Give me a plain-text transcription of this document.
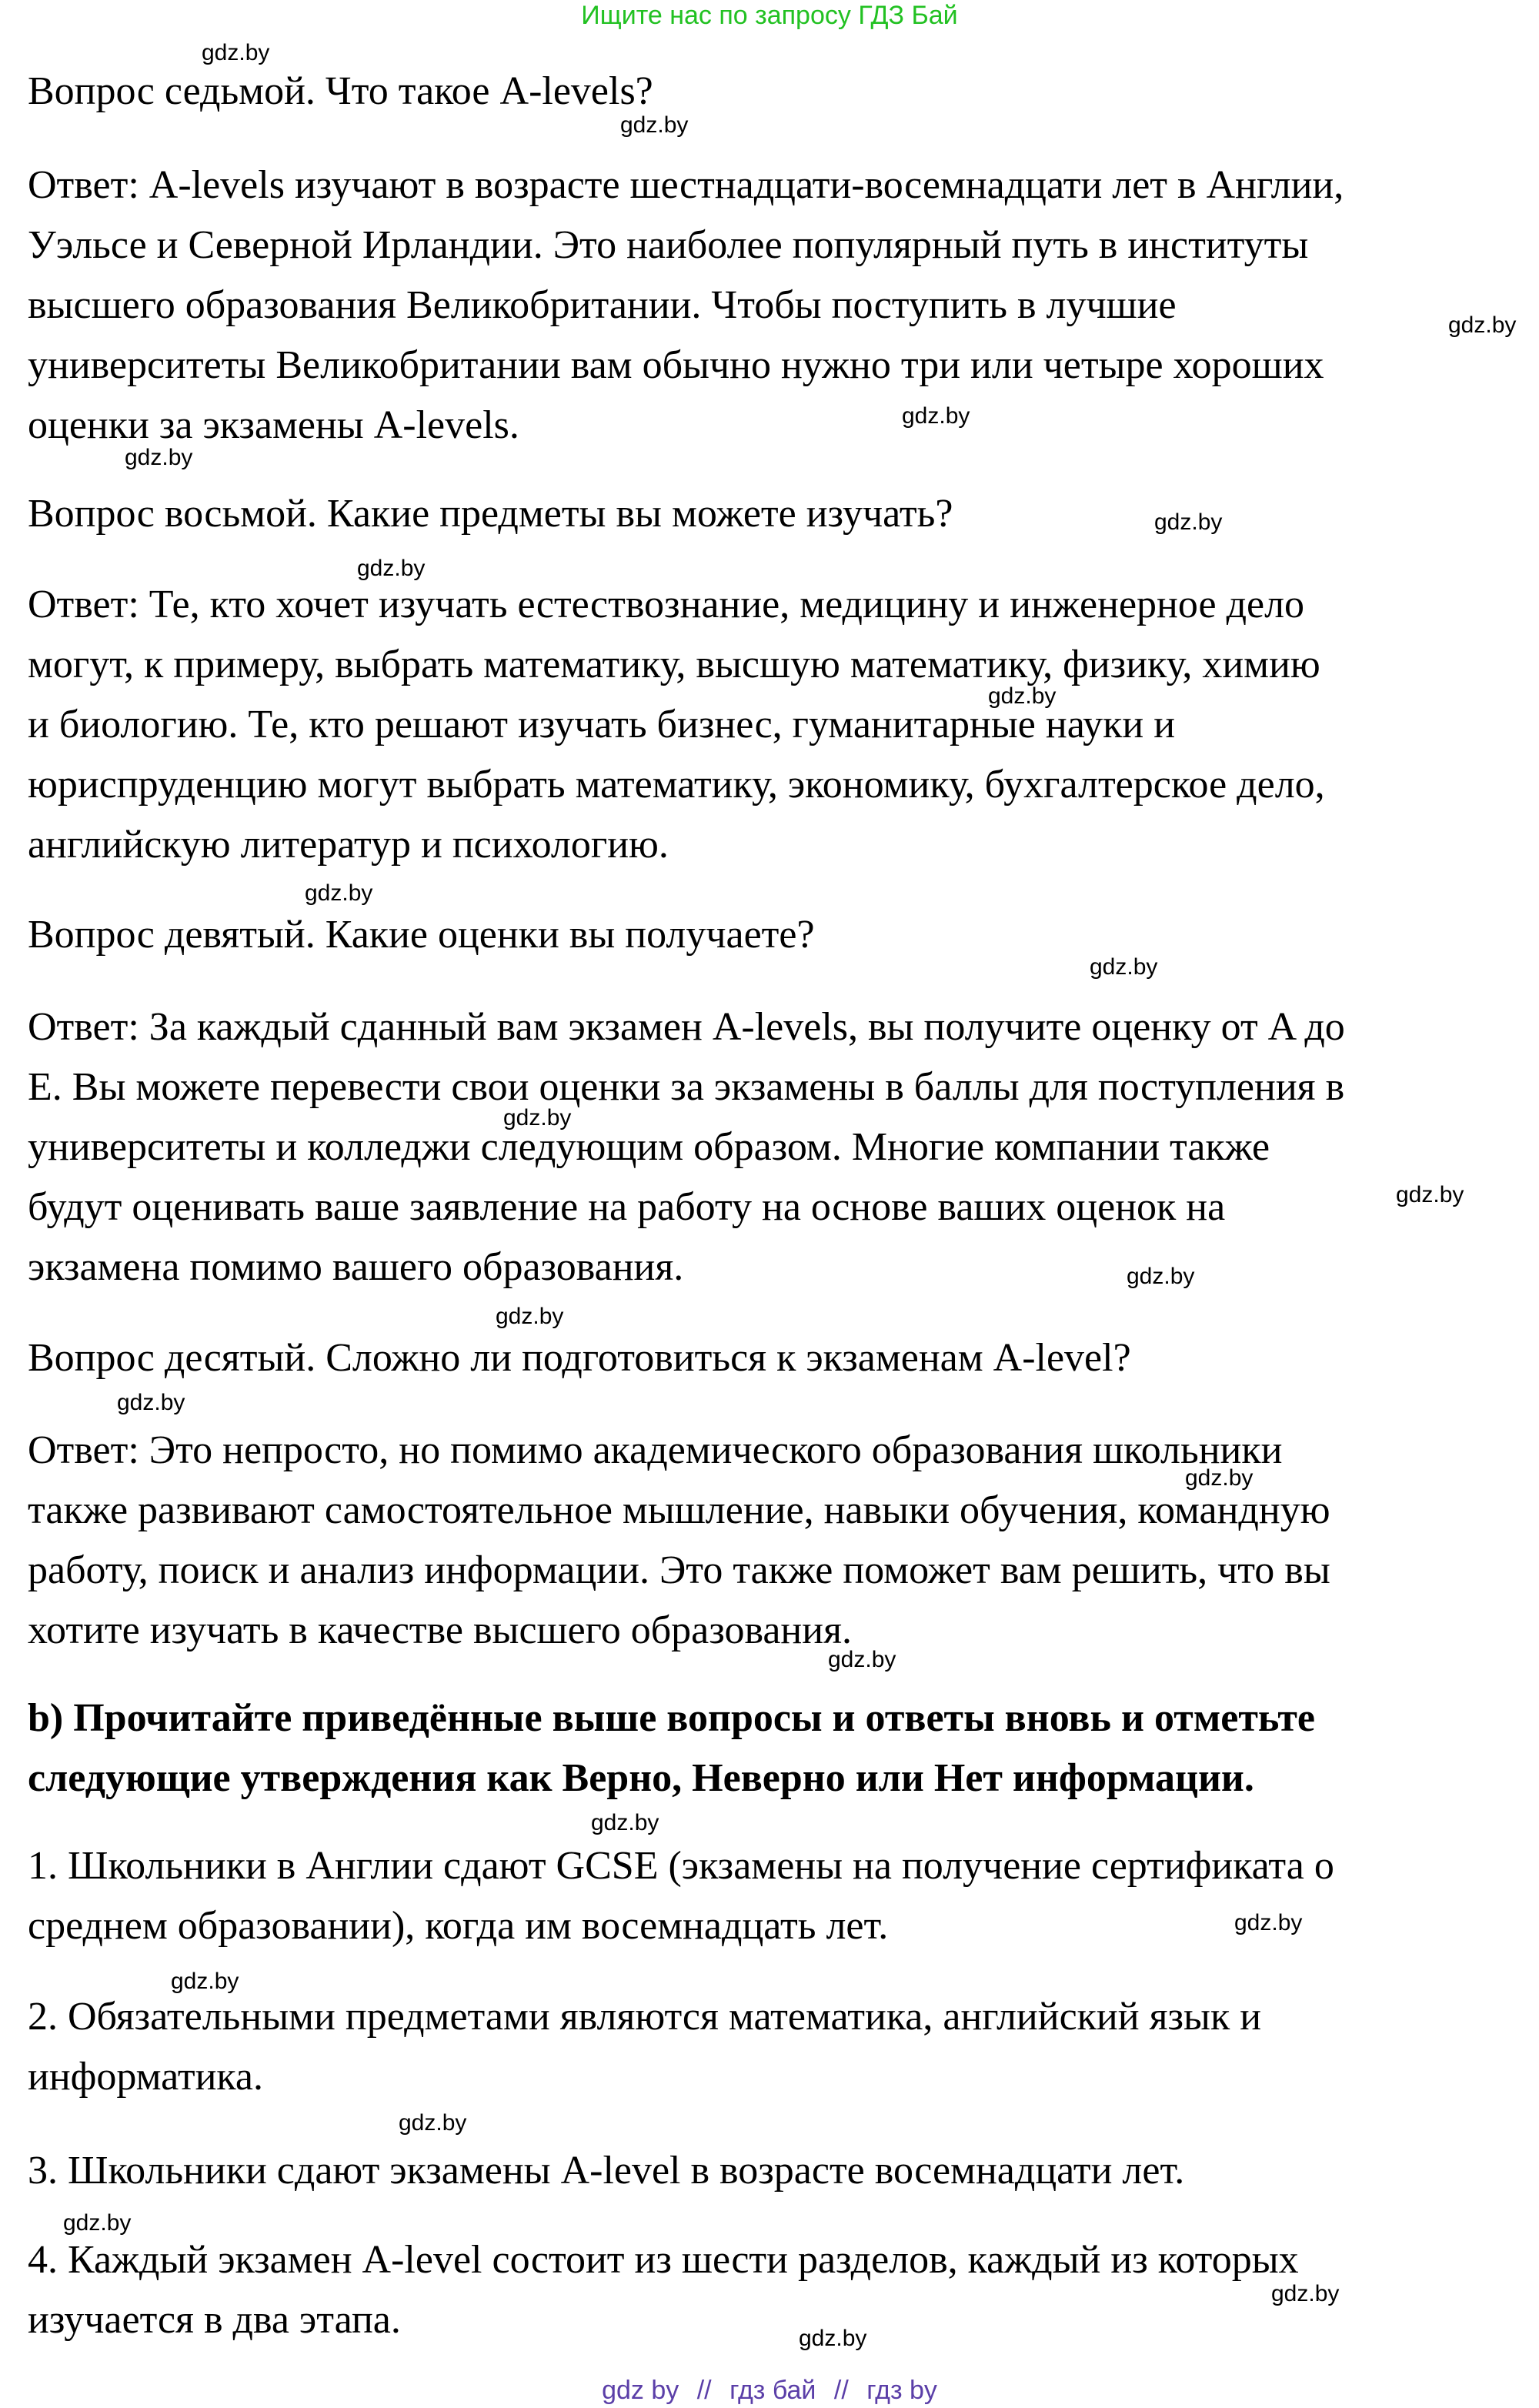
Ищите нас по запросу ГДЗ Бай
Вопрос седьмой. Что такое A-levels?
Ответ: A-levels изучают в возрасте шестнадцати-восемнадцати лет в Англии,
Уэльсе и Северной Ирландии. Это наиболее популярный путь в институты
высшего образования Великобритании. Чтобы поступить в лучшие
университеты Великобритании вам обычно нужно три или четыре хороших
оценки за экзамены A-levels.
Вопрос восьмой. Какие предметы вы можете изучать?
Ответ: Те, кто хочет изучать естествознание, медицину и инженерное дело
могут, к примеру, выбрать математику, высшую математику, физику, химию
и биологию. Те, кто решают изучать бизнес, гуманитарные науки и
юриспруденцию могут выбрать математику, экономику, бухгалтерское дело,
английскую литератур и психологию.
Вопрос девятый. Какие оценки вы получаете?
Ответ: За каждый сданный вам экзамен A-levels, вы получите оценку от A до
E. Вы можете перевести свои оценки за экзамены в баллы для поступления в
университеты и колледжи следующим образом. Многие компании также
будут оценивать ваше заявление на работу на основе ваших оценок на
экзамена помимо вашего образования.
Вопрос десятый. Сложно ли подготовиться к экзаменам A-level?
Ответ: Это непросто, но помимо академического образования школьники
также развивают самостоятельное мышление, навыки обучения, командную
работу, поиск и анализ информации. Это также поможет вам решить, что вы
хотите изучать в качестве высшего образования.
b) Прочитайте приведённые выше вопросы и ответы вновь и отметьте
следующие утверждения как Верно, Неверно или Нет информации.
1. Школьники в Англии сдают GCSE (экзамены на получение сертификата о
среднем образовании), когда им восемнадцать лет.
2. Обязательными предметами являются математика, английский язык и
информатика.
3. Школьники сдают экзамены A-level в возрасте восемнадцати лет.
4. Каждый экзамен A-level состоит из шести разделов, каждый из которых
изучается в два этапа.
gdz.by
gdz.by
gdz.by
gdz.by
gdz.by
gdz.by
gdz.by
gdz.by
gdz.by
gdz.by
gdz.by
gdz.by
gdz.by
gdz.by
gdz.by
gdz.by
gdz.by
gdz.by
gdz.by
gdz.by
gdz.by
gdz.by
gdz.by
gdz.by
gdz by // гдз бай // гдз by
